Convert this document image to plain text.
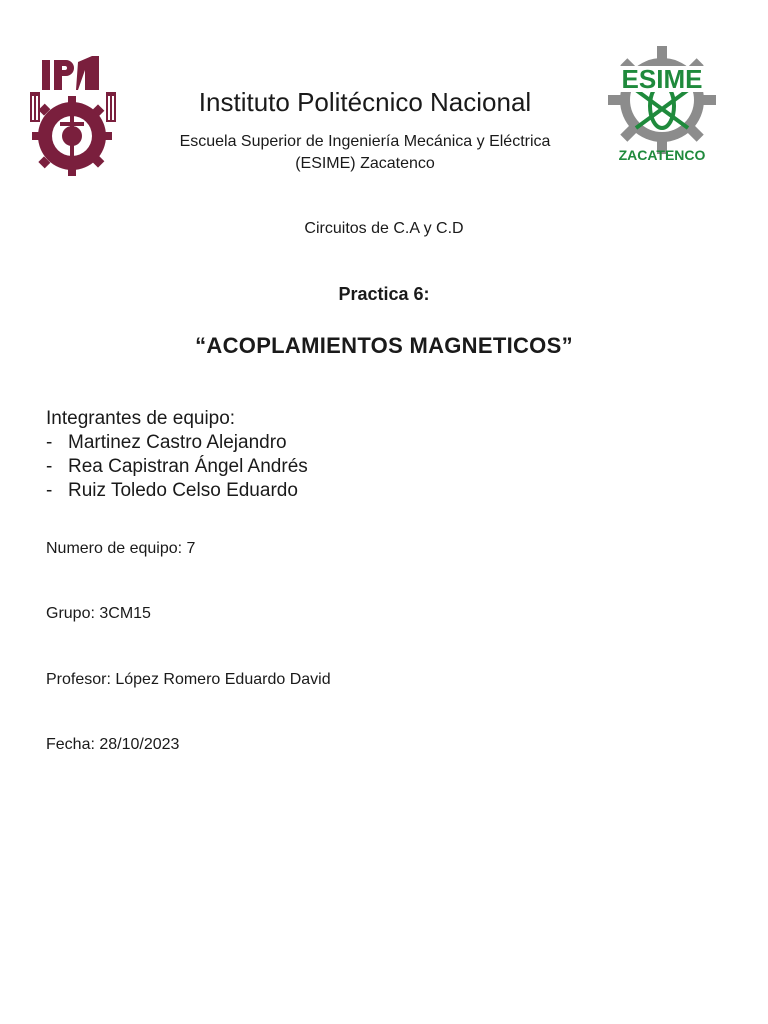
ESIME
ZACATENCO
Instituto Politécnico Nacional
Escuela Superior de Ingeniería Mecánica y Eléctrica
(ESIME) Zacatenco
Circuitos de C.A y C.D
Practica 6:
“ACOPLAMIENTOS MAGNETICOS”
Integrantes de equipo:
- Martinez Castro Alejandro
- Rea Capistran Ángel Andrés
- Ruiz Toledo Celso Eduardo
Numero de equipo: 7
Grupo: 3CM15
Profesor: López Romero Eduardo David
Fecha: 28/10/2023
